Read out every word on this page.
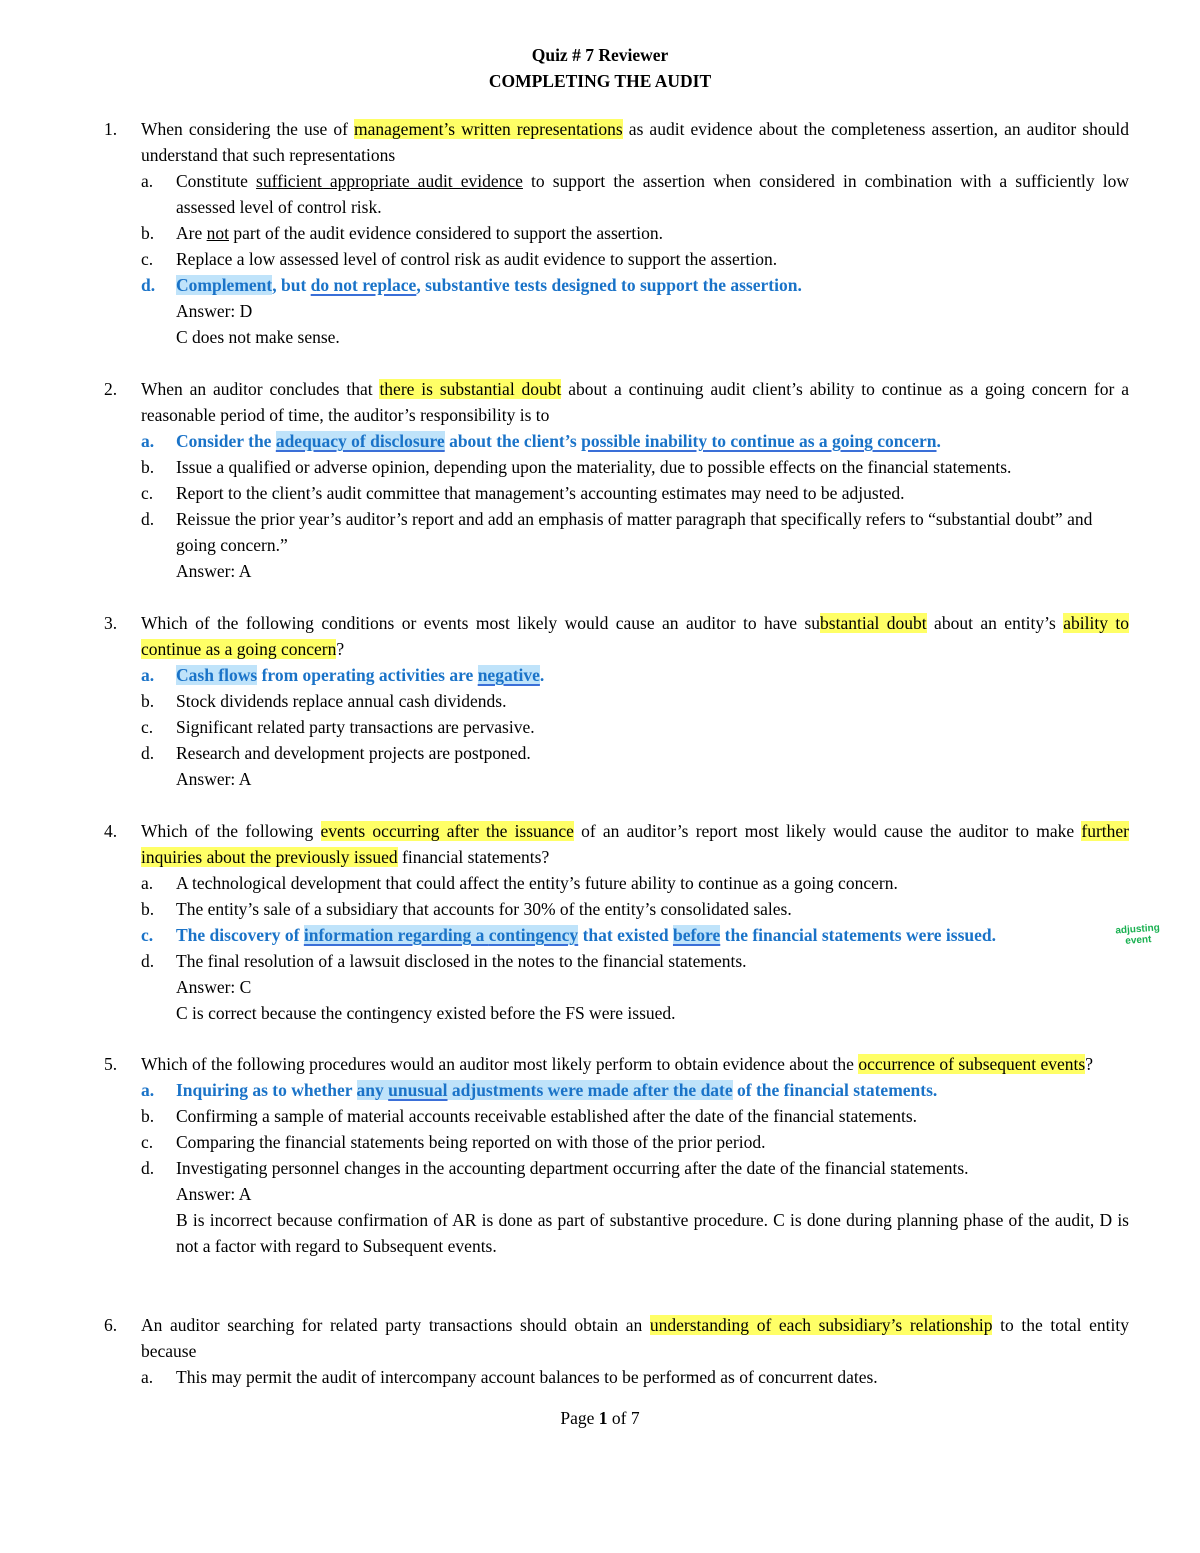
Quiz # 7 Reviewer
COMPLETING THE AUDIT
1. When considering the use of management’s written representations as audit evidence about the completeness assertion, an auditor should understand that such representations
a. Constitute sufficient appropriate audit evidence to support the assertion when considered in combination with a sufficiently low assessed level of control risk.
b. Are not part of the audit evidence considered to support the assertion.
c. Replace a low assessed level of control risk as audit evidence to support the assertion.
d. Complement, but do not replace, substantive tests designed to support the assertion.
Answer: D
C does not make sense.
2. When an auditor concludes that there is substantial doubt about a continuing audit client’s ability to continue as a going concern for a reasonable period of time, the auditor’s responsibility is to
a. Consider the adequacy of disclosure about the client’s possible inability to continue as a going concern.
b. Issue a qualified or adverse opinion, depending upon the materiality, due to possible effects on the financial statements.
c. Report to the client’s audit committee that management’s accounting estimates may need to be adjusted.
d. Reissue the prior year’s auditor’s report and add an emphasis of matter paragraph that specifically refers to “substantial doubt” and going concern.”
Answer: A
3. Which of the following conditions or events most likely would cause an auditor to have substantial doubt about an entity’s ability to continue as a going concern?
a. Cash flows from operating activities are negative.
b. Stock dividends replace annual cash dividends.
c. Significant related party transactions are pervasive.
d. Research and development projects are postponed.
Answer: A
4. Which of the following events occurring after the issuance of an auditor’s report most likely would cause the auditor to make further inquiries about the previously issued financial statements?
a. A technological development that could affect the entity’s future ability to continue as a going concern.
b. The entity’s sale of a subsidiary that accounts for 30% of the entity’s consolidated sales.
c. The discovery of information regarding a contingency that existed before the financial statements were issued.
d. The final resolution of a lawsuit disclosed in the notes to the financial statements.
Answer: C
C is correct because the contingency existed before the FS were issued.
adjusting event
5. Which of the following procedures would an auditor most likely perform to obtain evidence about the occurrence of subsequent events?
a. Inquiring as to whether any unusual adjustments were made after the date of the financial statements.
b. Confirming a sample of material accounts receivable established after the date of the financial statements.
c. Comparing the financial statements being reported on with those of the prior period.
d. Investigating personnel changes in the accounting department occurring after the date of the financial statements.
Answer: A
B is incorrect because confirmation of AR is done as part of substantive procedure. C is done during planning phase of the audit, D is not a factor with regard to Subsequent events.
6. An auditor searching for related party transactions should obtain an understanding of each subsidiary’s relationship to the total entity because
a. This may permit the audit of intercompany account balances to be performed as of concurrent dates.
Page 1 of 7
